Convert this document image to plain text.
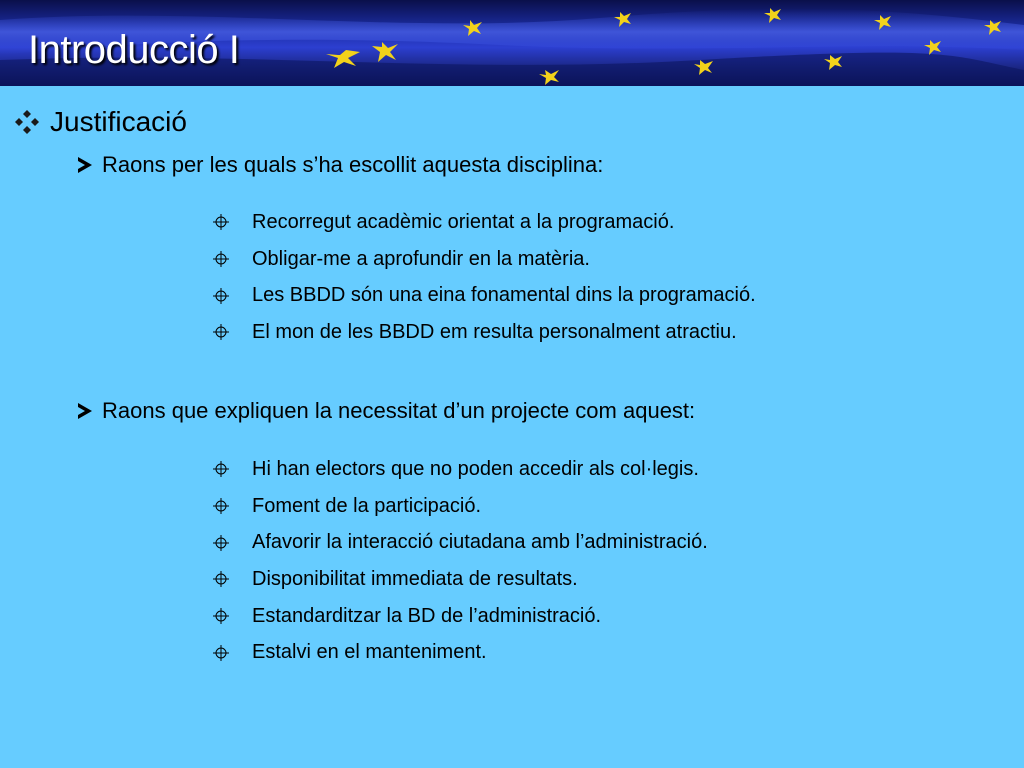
Introducció I
Justificació
Raons per les quals s’ha escollit aquesta disciplina:
Recorregut acadèmic orientat a la programació.
Obligar-me a aprofundir en la matèria.
Les BBDD són una eina fonamental dins la programació.
El mon de les BBDD em resulta personalment atractiu.
Raons que expliquen la necessitat d’un projecte com aquest:
Hi han electors que no poden accedir als col·legis.
Foment de la participació.
Afavorir la interacció ciutadana amb l’administració.
Disponibilitat immediata de resultats.
Estandarditzar la BD de l’administració.
Estalvi en el manteniment.
